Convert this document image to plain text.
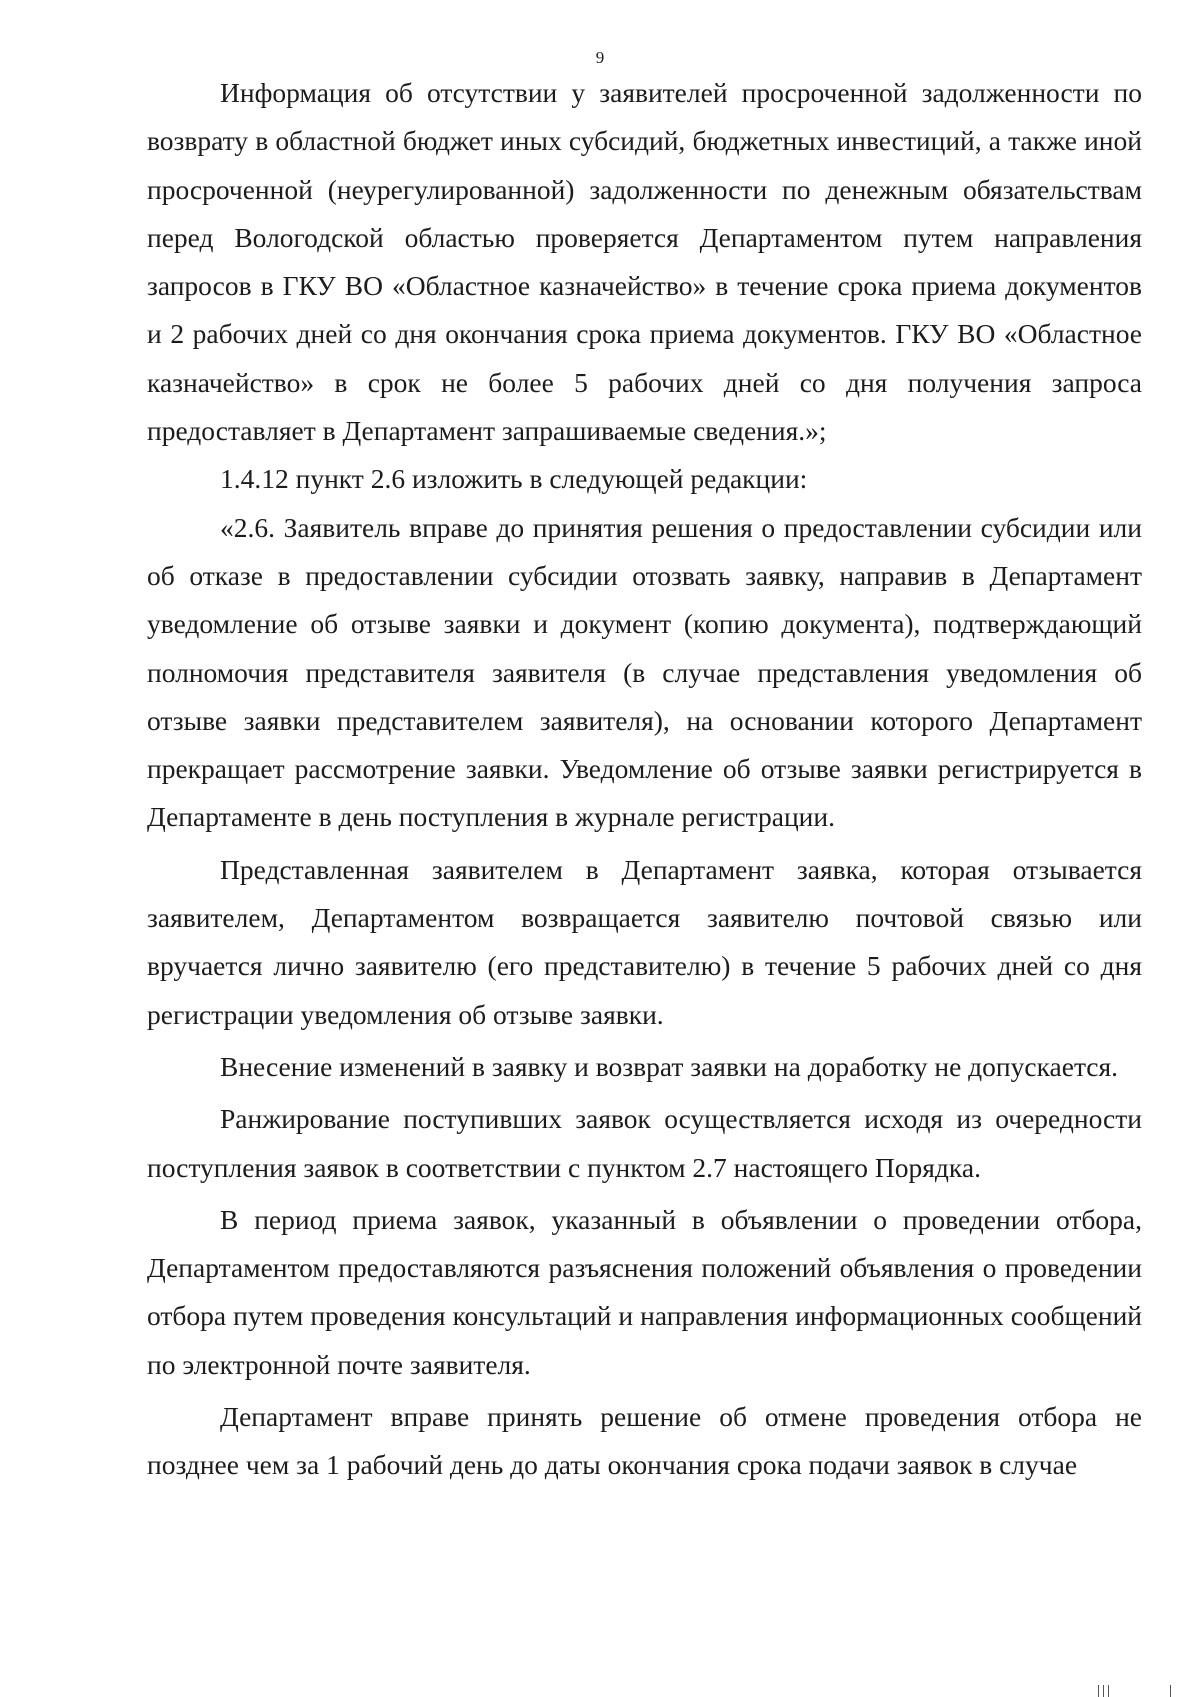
9

Информация об отсутствии у заявителей просроченной задолженности по возврату в областной бюджет иных субсидий, бюджетных инвестиций, а также иной просроченной (неурегулированной) задолженности по денежным обязательствам перед Вологодской областью проверяется Департаментом путем направления запросов в ГКУ ВО «Областное казначейство» в течение срока приема документов и 2 рабочих дней со дня окончания срока приема документов. ГКУ ВО «Областное казначейство» в срок не более 5 рабочих дней со дня получения запроса предоставляет в Департамент запрашиваемые сведения.»;

1.4.12 пункт 2.6 изложить в следующей редакции:

«2.6. Заявитель вправе до принятия решения о предоставлении субсидии или об отказе в предоставлении субсидии отозвать заявку, направив в Департамент уведомление об отзыве заявки и документ (копию документа), подтверждающий полномочия представителя заявителя (в случае представления уведомления об отзыве заявки представителем заявителя), на основании которого Департамент прекращает рассмотрение заявки. Уведомление об отзыве заявки регистрируется в Департаменте в день поступления в журнале регистрации.

Представленная заявителем в Департамент заявка, которая отзывается заявителем, Департаментом возвращается заявителю почтовой связью или вручается лично заявителю (его представителю) в течение 5 рабочих дней со дня регистрации уведомления об отзыве заявки.

Внесение изменений в заявку и возврат заявки на доработку не допускается.

Ранжирование поступивших заявок осуществляется исходя из очередности поступления заявок в соответствии с пунктом 2.7 настоящего Порядка.

В период приема заявок, указанный в объявлении о проведении отбора, Департаментом предоставляются разъяснения положений объявления о проведении отбора путем проведения консультаций и направления информационных сообщений по электронной почте заявителя.

Департамент вправе принять решение об отмене проведения отбора не позднее чем за 1 рабочий день до даты окончания срока подачи заявок в случае
